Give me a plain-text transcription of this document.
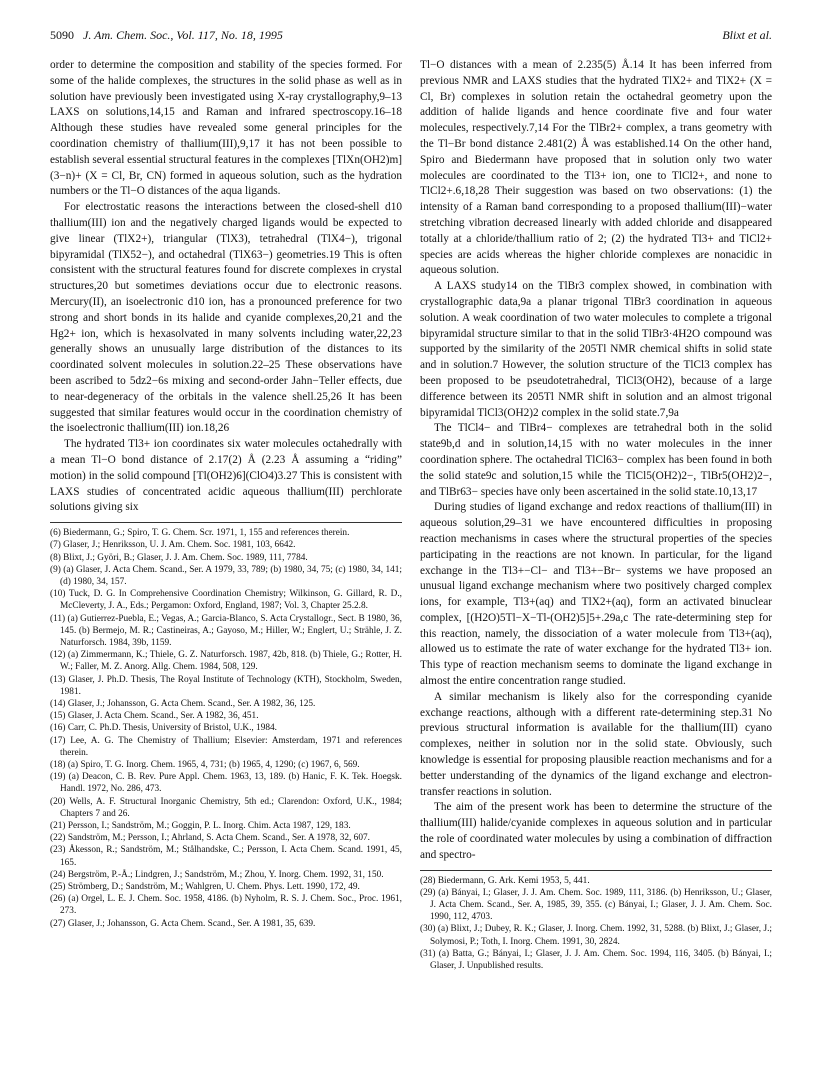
5090 J. Am. Chem. Soc., Vol. 117, No. 18, 1995	Blixt et al.

order to determine the composition and stability of the species formed. For some of the halide complexes, the structures in the solid phase as well as in solution have previously been investigated using X-ray crystallography,9–13 LAXS on solutions,14,15 and Raman and infrared spectroscopy.16–18 Although these studies have revealed some general principles for the coordination chemistry of thallium(III),9,17 it has not been possible to establish several essential structural features in the complexes [TlXn(OH2)m](3−n)+ (X = Cl, Br, CN) formed in aqueous solution, such as the hydration numbers or the Tl−O distances of the aqua ligands.

For electrostatic reasons the interactions between the closed-shell d10 thallium(III) ion and the negatively charged ligands would be expected to give linear (TlX2+), triangular (TlX3), tetrahedral (TlX4−), trigonal bipyramidal (TlX52−), and octahedral (TlX63−) geometries.19 This is often consistent with the structural features found for discrete complexes in crystal structures,20 but sometimes deviations occur due to electronic reasons. Mercury(II), an isoelectronic d10 ion, has a pronounced preference for two strong and short bonds in its halide and cyanide complexes,20,21 and the Hg2+ ion, which is hexasolvated in many solvents including water,22,23 generally shows an unusually large distribution of the distances to its coordinated solvent molecules in solution.22–25 These observations have been ascribed to 5dz2−6s mixing and second-order Jahn−Teller effects, due to near-degeneracy of the orbitals in the valence shell.25,26 It has been suggested that similar features would occur in the coordination chemistry of the isoelectronic thallium(III) ion.18,26

The hydrated Tl3+ ion coordinates six water molecules octahedrally with a mean Tl−O bond distance of 2.17(2) Å (2.23 Å assuming a “riding” motion) in the solid compound [Tl(OH2)6](ClO4)3.27 This is consistent with LAXS studies of concentrated acidic aqueous thallium(III) perchlorate solutions giving six

(6) Biedermann, G.; Spiro, T. G. Chem. Scr. 1971, 1, 155 and references therein.
(7) Glaser, J.; Henriksson, U. J. Am. Chem. Soc. 1981, 103, 6642.
(8) Blixt, J.; Györi, B.; Glaser, J. J. Am. Chem. Soc. 1989, 111, 7784.
(9) (a) Glaser, J. Acta Chem. Scand., Ser. A 1979, 33, 789; (b) 1980, 34, 75; (c) 1980, 34, 141; (d) 1980, 34, 157.
(10) Tuck, D. G. In Comprehensive Coordination Chemistry; Wilkinson, G. Gillard, R. D., McCleverty, J. A., Eds.; Pergamon: Oxford, England, 1987; Vol. 3, Chapter 25.2.8.
(11) (a) Gutierrez-Puebla, E.; Vegas, A.; Garcia-Blanco, S. Acta Crystallogr., Sect. B 1980, 36, 145. (b) Bermejo, M. R.; Castineiras, A.; Gayoso, M.; Hiller, W.; Englert, U.; Strähle, J. Z. Naturforsch. 1984, 39b, 1159.
(12) (a) Zimmermann, K.; Thiele, G. Z. Naturforsch. 1987, 42b, 818. (b) Thiele, G.; Rotter, H. W.; Faller, M. Z. Anorg. Allg. Chem. 1984, 508, 129.
(13) Glaser, J. Ph.D. Thesis, The Royal Institute of Technology (KTH), Stockholm, Sweden, 1981.
(14) Glaser, J.; Johansson, G. Acta Chem. Scand., Ser. A 1982, 36, 125.
(15) Glaser, J. Acta Chem. Scand., Ser. A 1982, 36, 451.
(16) Carr, C. Ph.D. Thesis, University of Bristol, U.K., 1984.
(17) Lee, A. G. The Chemistry of Thallium; Elsevier: Amsterdam, 1971 and references therein.
(18) (a) Spiro, T. G. Inorg. Chem. 1965, 4, 731; (b) 1965, 4, 1290; (c) 1967, 6, 569.
(19) (a) Deacon, C. B. Rev. Pure Appl. Chem. 1963, 13, 189. (b) Hanic, F. K. Tek. Hoegsk. Handl. 1972, No. 286, 473.
(20) Wells, A. F. Structural Inorganic Chemistry, 5th ed.; Clarendon: Oxford, U.K., 1984; Chapters 7 and 26.
(21) Persson, I.; Sandström, M.; Goggin, P. L. Inorg. Chim. Acta 1987, 129, 183.
(22) Sandström, M.; Persson, I.; Ahrland, S. Acta Chem. Scand., Ser. A 1978, 32, 607.
(23) Åkesson, R.; Sandström, M.; Stålhandske, C.; Persson, I. Acta Chem. Scand. 1991, 45, 165.
(24) Bergström, P.-Å.; Lindgren, J.; Sandström, M.; Zhou, Y. Inorg. Chem. 1992, 31, 150.
(25) Strömberg, D.; Sandström, M.; Wahlgren, U. Chem. Phys. Lett. 1990, 172, 49.
(26) (a) Orgel, L. E. J. Chem. Soc. 1958, 4186. (b) Nyholm, R. S. J. Chem. Soc., Proc. 1961, 273.
(27) Glaser, J.; Johansson, G. Acta Chem. Scand., Ser. A 1981, 35, 639.

Tl−O distances with a mean of 2.235(5) Å.14 It has been inferred from previous NMR and LAXS studies that the hydrated TlX2+ and TlX2+ (X = Cl, Br) complexes in solution retain the octahedral geometry upon the addition of halide ligands and hence coordinate five and four water molecules, respectively.7,14 For the TlBr2+ complex, a trans geometry with the Tl−Br bond distance 2.481(2) Å was established.14 On the other hand, Spiro and Biedermann have proposed that in solution only two water molecules are coordinated to the Tl3+ ion, one to TlCl2+, and none to TlCl2+.6,18,28 Their suggestion was based on two observations: (1) the intensity of a Raman band corresponding to a proposed thallium(III)−water stretching vibration decreased linearly with added chloride and disappeared totally at a chloride/thallium ratio of 2; (2) the hydrated Tl3+ and TlCl2+ species are acids whereas the higher chloride complexes are nonacidic in aqueous solution.

A LAXS study14 on the TlBr3 complex showed, in combination with crystallographic data,9a a planar trigonal TlBr3 coordination in aqueous solution. A weak coordination of two water molecules to complete a trigonal bipyramidal structure similar to that in the solid TlBr3·4H2O compound was supported by the similarity of the 205Tl NMR chemical shifts in solid state and in solution.7 However, the solution structure of the TlCl3 complex has been proposed to be pseudotetrahedral, TlCl3(OH2), because of a large difference between its 205Tl NMR shift in solution and an almost trigonal bipyramidal TlCl3(OH2)2 complex in the solid state.7,9a

The TlCl4− and TlBr4− complexes are tetrahedral both in the solid state9b,d and in solution,14,15 with no water molecules in the inner coordination sphere. The octahedral TlCl63− complex has been found in both the solid state9c and solution,15 while the TlCl5(OH2)2−, TlBr5(OH2)2−, and TlBr63− species have only been ascertained in the solid state.10,13,17

During studies of ligand exchange and redox reactions of thallium(III) in aqueous solution,29–31 we have encountered difficulties in proposing reaction mechanisms in cases where the structural properties of the species participating in the reactions are not known. In particular, for the ligand exchange in the Tl3+−Cl− and Tl3+−Br− systems we have proposed an unusual ligand exchange mechanism where two positively charged complex ions, for example, Tl3+(aq) and TlX2+(aq), form an activated binuclear complex, [(H2O)5Tl−X−Tl-(OH2)5]5+.29a,c The rate-determining step for this reaction, namely, the dissociation of a water molecule from Tl3+(aq), allowed us to estimate the rate of water exchange for the hydrated Tl3+ ion. This type of reaction mechanism seems to dominate the ligand exchange in almost the entire concentration range studied.

A similar mechanism is likely also for the corresponding cyanide exchange reactions, although with a different rate-determining step.31 No previous structural information is available for the thallium(III) cyano complexes, neither in solution nor in the solid state. Obviously, such knowledge is essential for proposing plausible reaction mechanisms and for a better understanding of the dynamics of the ligand exchange and electron-transfer reactions in solution.

The aim of the present work has been to determine the structure of the thallium(III) halide/cyanide complexes in aqueous solution and in particular the role of coordinated water molecules by using a combination of diffraction and spectro-

(28) Biedermann, G. Ark. Kemi 1953, 5, 441.
(29) (a) Bányai, I.; Glaser, J. J. Am. Chem. Soc. 1989, 111, 3186. (b) Henriksson, U.; Glaser, J. Acta Chem. Scand., Ser. A, 1985, 39, 355. (c) Bányai, I.; Glaser, J. J. Am. Chem. Soc. 1990, 112, 4703.
(30) (a) Blixt, J.; Dubey, R. K.; Glaser, J. Inorg. Chem. 1992, 31, 5288. (b) Blixt, J.; Glaser, J.; Solymosi, P.; Toth, I. Inorg. Chem. 1991, 30, 2824.
(31) (a) Batta, G.; Bányai, I.; Glaser, J. J. Am. Chem. Soc. 1994, 116, 3405. (b) Bányai, I.; Glaser, J. Unpublished results.
